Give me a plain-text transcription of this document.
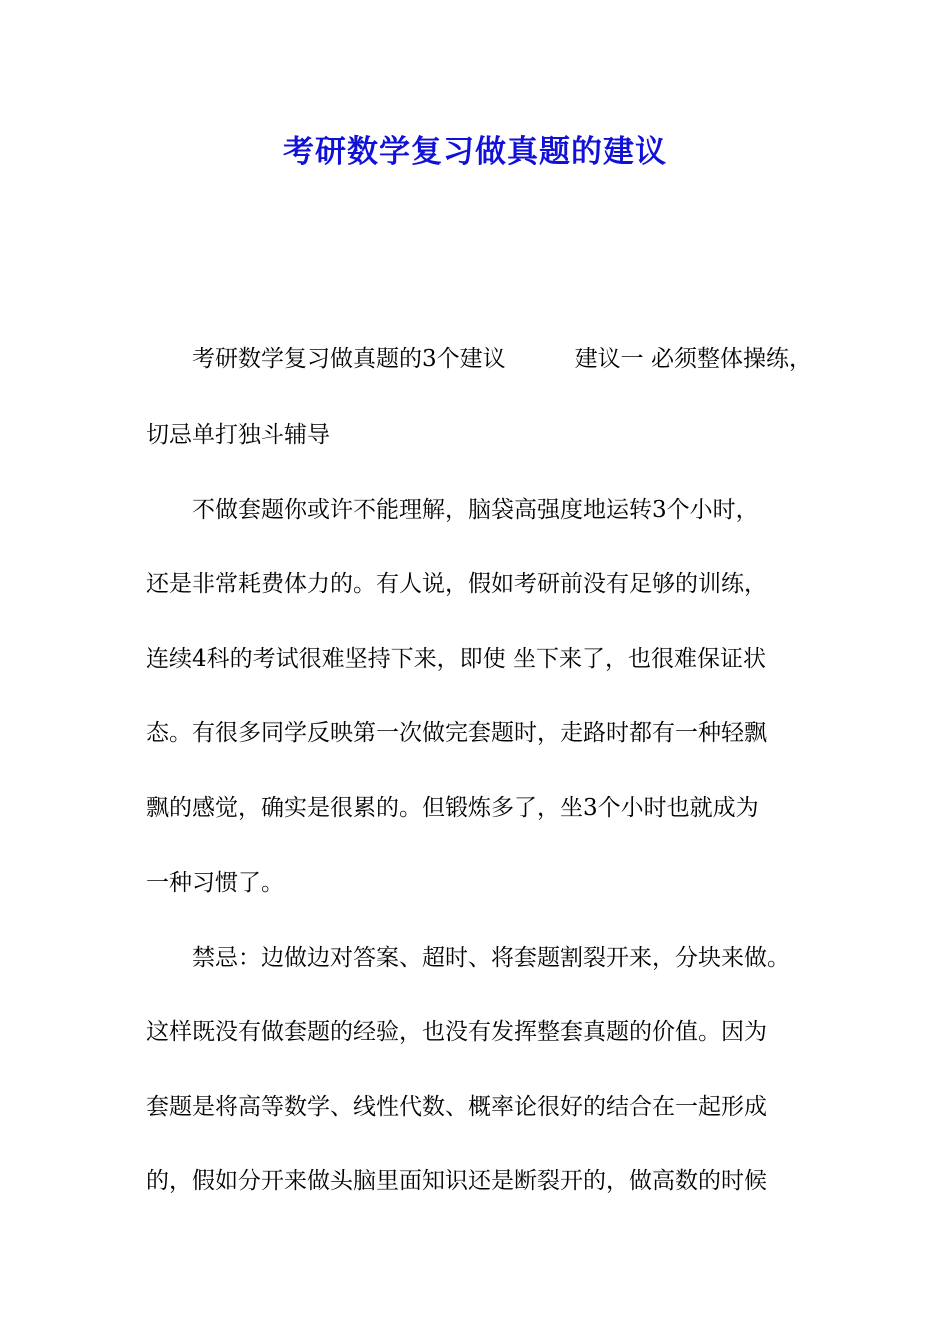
考研数学复习做真题的建议
　　考研数学复习做真题的3个建议　　　建议一 必须整体操练，
切忌单打独斗辅导
　　不做套题你或许不能理解，脑袋高强度地运转3个小时，
还是非常耗费体力的。有人说，假如考研前没有足够的训练，
连续4科的考试很难坚持下来，即使 坐下来了，也很难保证状
态。有很多同学反映第一次做完套题时，走路时都有一种轻飘
飘的感觉，确实是很累的。但锻炼多了，坐3个小时也就成为
一种习惯了。
　　禁忌：边做边对答案、超时、将套题割裂开来，分块来做。
这样既没有做套题的经验，也没有发挥整套真题的价值。因为
套题是将高等数学、线性代数、概率论很好的结合在一起形成
的，假如分开来做头脑里面知识还是断裂开的，做高数的时候
